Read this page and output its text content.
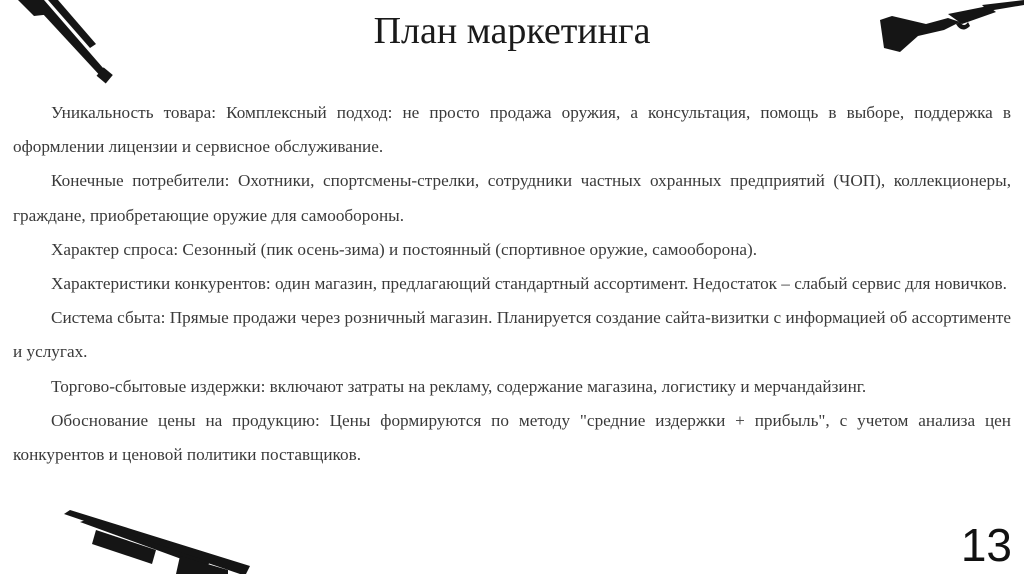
План маркетинга

Уникальность товара: Комплексный подход: не просто продажа оружия, а консультация, помощь в выборе, поддержка в оформлении лицензии и сервисное обслуживание.

Конечные потребители: Охотники, спортсмены-стрелки, сотрудники частных охранных предприятий (ЧОП), коллекционеры, граждане, приобретающие оружие для самообороны.

Характер спроса: Сезонный (пик осень-зима) и постоянный (спортивное оружие, самооборона).

Характеристики конкурентов: один магазин, предлагающий стандартный ассортимент. Недостаток – слабый сервис для новичков.

Система сбыта: Прямые продажи через розничный магазин. Планируется создание сайта-визитки с информацией об ассортименте и услугах.

Торгово-сбытовые издержки: включают затраты на рекламу, содержание магазина, логистику и мерчандайзинг.

Обоснование цены на продукцию: Цены формируются по методу "средние издержки + прибыль", с учетом анализа цен конкурентов и ценовой политики поставщиков.

13
